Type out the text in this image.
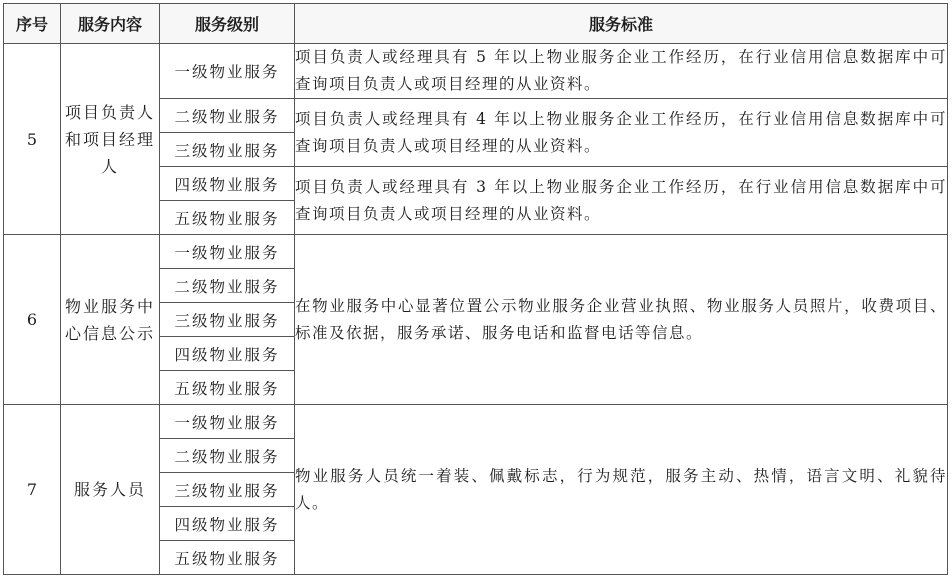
序号	服务内容	服务级别	服务标准
5	项目负责人和项目经理人	一级物业服务	项目负责人或经理具有 5 年以上物业服务企业工作经历，在行业信用信息数据库中可查询项目负责人或项目经理的从业资料。
		二级物业服务	项目负责人或经理具有 4 年以上物业服务企业工作经历，在行业信用信息数据库中可查询项目负责人或项目经理的从业资料。
		三级物业服务	
		四级物业服务	项目负责人或经理具有 3 年以上物业服务企业工作经历，在行业信用信息数据库中可查询项目负责人或项目经理的从业资料。
		五级物业服务	
6	物业服务中心信息公示	一级物业服务	在物业服务中心显著位置公示物业服务企业营业执照、物业服务人员照片，收费项目、标准及依据，服务承诺、服务电话和监督电话等信息。
		二级物业服务	
		三级物业服务	
		四级物业服务	
		五级物业服务	
7	服务人员	一级物业服务	物业服务人员统一着装、佩戴标志，行为规范，服务主动、热情，语言文明、礼貌待人。
		二级物业服务	
		三级物业服务	
		四级物业服务	
		五级物业服务	
